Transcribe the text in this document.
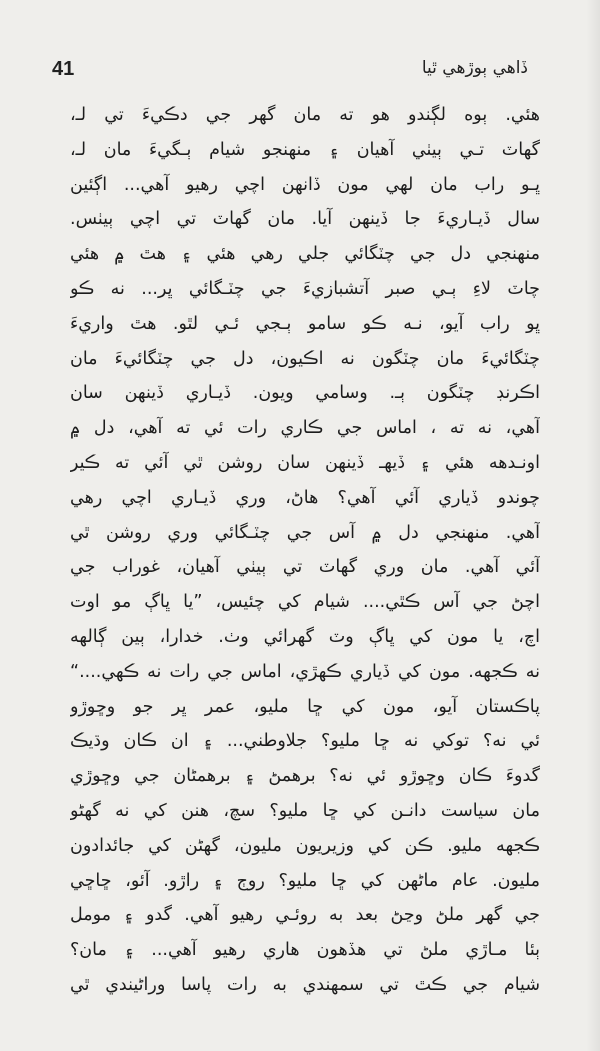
41	ڏاهي ٻوڙهي ٿيا
هئي. ٻوه لڳندو هو ته مان گهر جي دڪيءَ تي لـ،
گهاٽ تـي ٻيٺي آهيان ۽ منهنجو شيام ٻـگيءَ مان لـ،
ڀـو راب مان لهي مون ڏانهن اچي رهيو آهي... اڳئين
سال ڏيـاريءَ جا ڏينهن آيا. مان گهاٽ تي اچي ٻيٺس.
منهنجي دل جي چٽگائي جلي رهي هئي ۽ هٿ ۾ هئي
چاٽ لاءِ ٻـي صبر آتشبازيءَ جي چٽـگائي ڀر... نه ڪو
ڀو راب آيو، نـه ڪو سامو ٻـجي ئـي لٿو. هٿ واريءَ
چٽگائيءَ مان چٽگون نه اڪيون، دل جي چٽگائيءَ مان
اڪرنڊ چٽگون ٻـ. وسامي ويون. ڏيـاري ڏينهن سان
آهي، نه ته ، اماس جي ڪاري رات ئي ته آهي، دل ۾
اونـدهه هئي ۽ ڏيهـ ڏينهن سان روشن ٿي آئي ته ڪير
چوندو ڏياري آئي آهي؟ هاڻ، وري ڏيـاري اچي رهي
آهي. منهنجي دل ۾ آس جي چٽـگائي وري روشن ٿي
آئي آهي. مان وري گهاٽ تي ٻيٺي آهيان، غوراب جي
اچڻ جي آس ڪٿي.... شيام کي چئيس، ”يا ڀاڳ مو اوت
اچ، يا مون کي ڀاڳ وٽ گهرائي وٺ. خدارا، ٻين ڳالهه
نه ڪجهه. مون کي ڏياري ڪهڙي، اماس جي رات نه ڪهي....“
پاڪستان آيو، مون کي ڇا مليو، عمر ڀر جو وڇوڙو
ئي نه؟ توکي نه ڇا مليو؟ جلاوطني... ۽ ان ڪان وڌيڪ
گدوءَ ڪان وڇوڙو ئي نه؟ برهمڻ ۽ برهمڻان جي وڇوڙي
مان سياست دانـن کي ڇا مليو؟ سچ، هنن کي نه گهڻو
ڪجهه مليو. ڪن کي وزيريون مليون، گهڻن کي جائدادون
مليون. عام ماڻهن کي ڇا مليو؟ روڄ ۽ راڙو. آئو، ڇاڇي
جي گهر ملڻ وڃڻ بعد به روئـي رهيو آهي. گدو ۽ مومل
ٻئا مـاڙي ملڻ تي هڏهون هاري رهيو آهي... ۽ مان؟
شيام جي ڪٿ تي سمهندي به رات پاسا وراڻيندي ٿي
